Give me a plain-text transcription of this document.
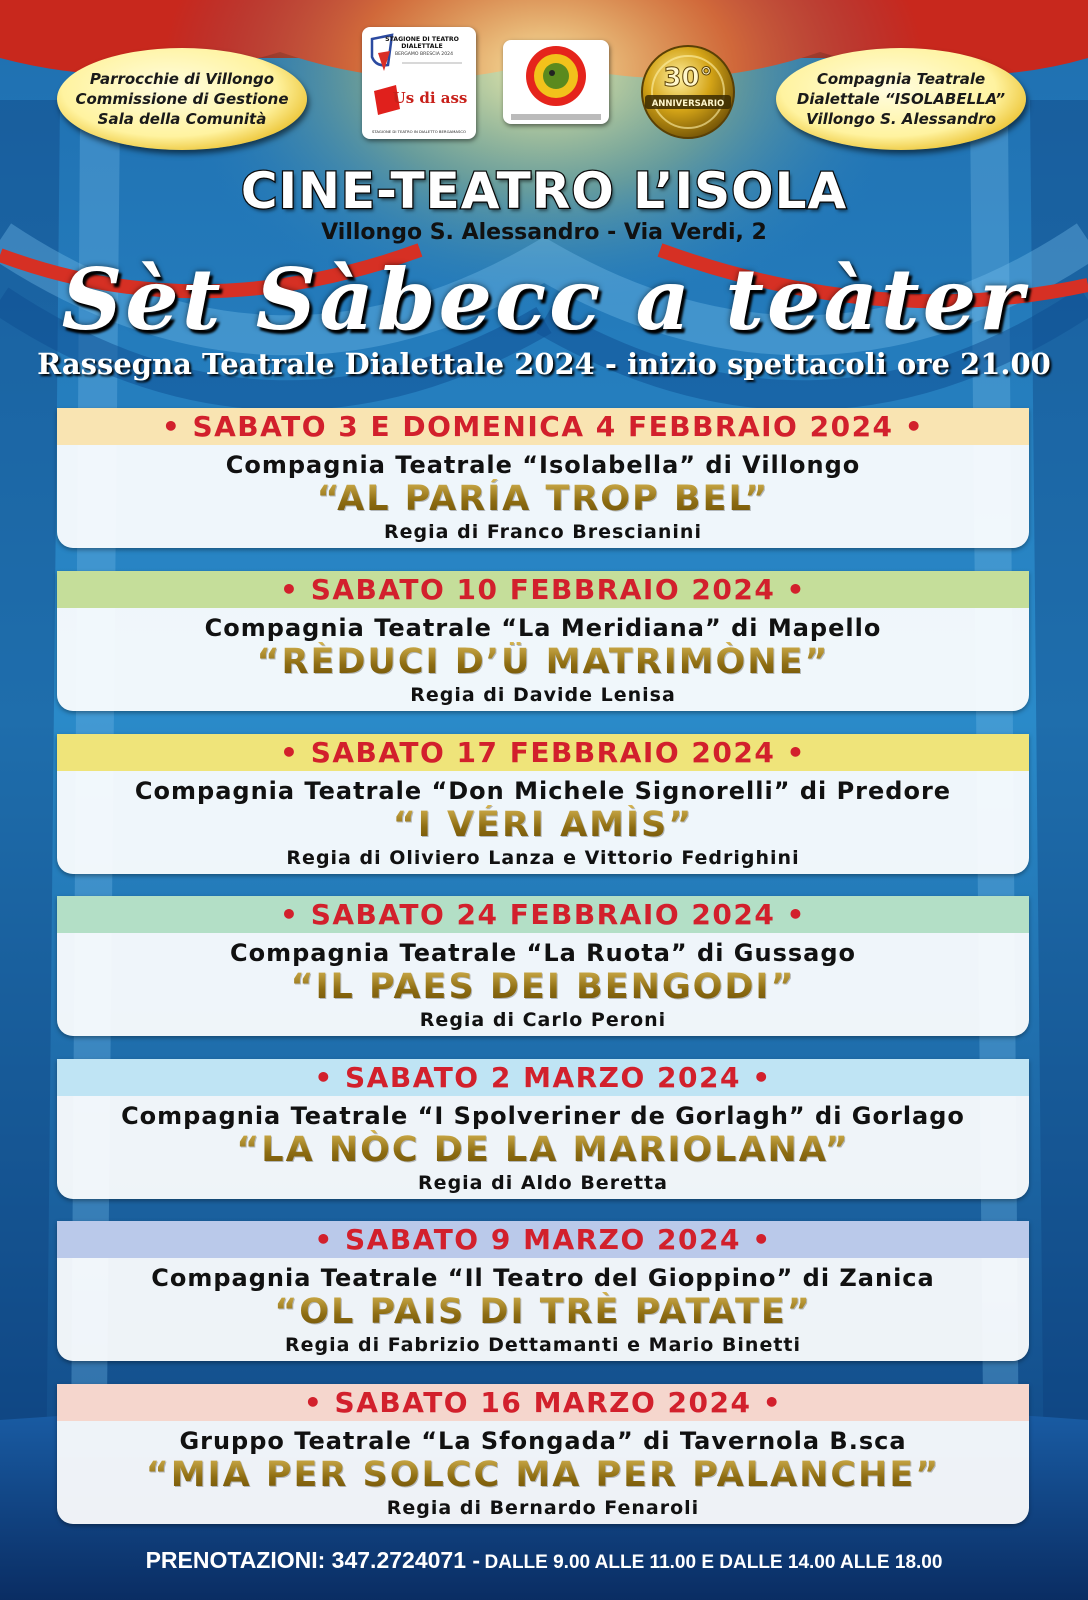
Parrocchie di Villongo
Commissione di Gestione
Sala della Comunità
STAGIONE DI TEATRO
DIALETTALE
BERGAMO BRESCIA 2024
Us di ass
STAGIONE DI TEATRO IN DIALETTO BERGAMASCO
30°
ANNIVERSARIO
Compagnia Teatrale
Dialettale “ISOLABELLA”
Villongo S. Alessandro
CINE-TEATRO L’ISOLA
Villongo S. Alessandro - Via Verdi, 2
Sèt Sàbecc a teàter
Rassegna Teatrale Dialettale 2024 - inizio spettacoli ore 21.00
• SABATO 3 E DOMENICA 4 FEBBRAIO 2024 •
Compagnia Teatrale “Isolabella” di Villongo
“AL PARÍA TROP BEL”
Regia di Franco Brescianini
• SABATO 10 FEBBRAIO 2024 •
Compagnia Teatrale “La Meridiana” di Mapello
“RÈDUCI D’Ü MATRIMÒNE”
Regia di Davide Lenisa
• SABATO 17 FEBBRAIO 2024 •
Compagnia Teatrale “Don Michele Signorelli” di Predore
“I VÉRI AMÌS”
Regia di Oliviero Lanza e Vittorio Fedrighini
• SABATO 24 FEBBRAIO 2024 •
Compagnia Teatrale “La Ruota” di Gussago
“IL PAES DEI BENGODI”
Regia di Carlo Peroni
• SABATO 2 MARZO 2024 •
Compagnia Teatrale “I Spolveriner de Gorlagh” di Gorlago
“LA NÒC DE LA MARIOLANA”
Regia di Aldo Beretta
• SABATO 9 MARZO 2024 •
Compagnia Teatrale “Il Teatro del Gioppino” di Zanica
“OL PAIS DI TRÈ PATATE”
Regia di Fabrizio Dettamanti e Mario Binetti
• SABATO 16 MARZO 2024 •
Gruppo Teatrale “La Sfongada” di Tavernola B.sca
“MIA PER SOLCC MA PER PALANCHE”
Regia di Bernardo Fenaroli
PRENOTAZIONI: 347.2724071 - DALLE 9.00 ALLE 11.00 E DALLE 14.00 ALLE 18.00
